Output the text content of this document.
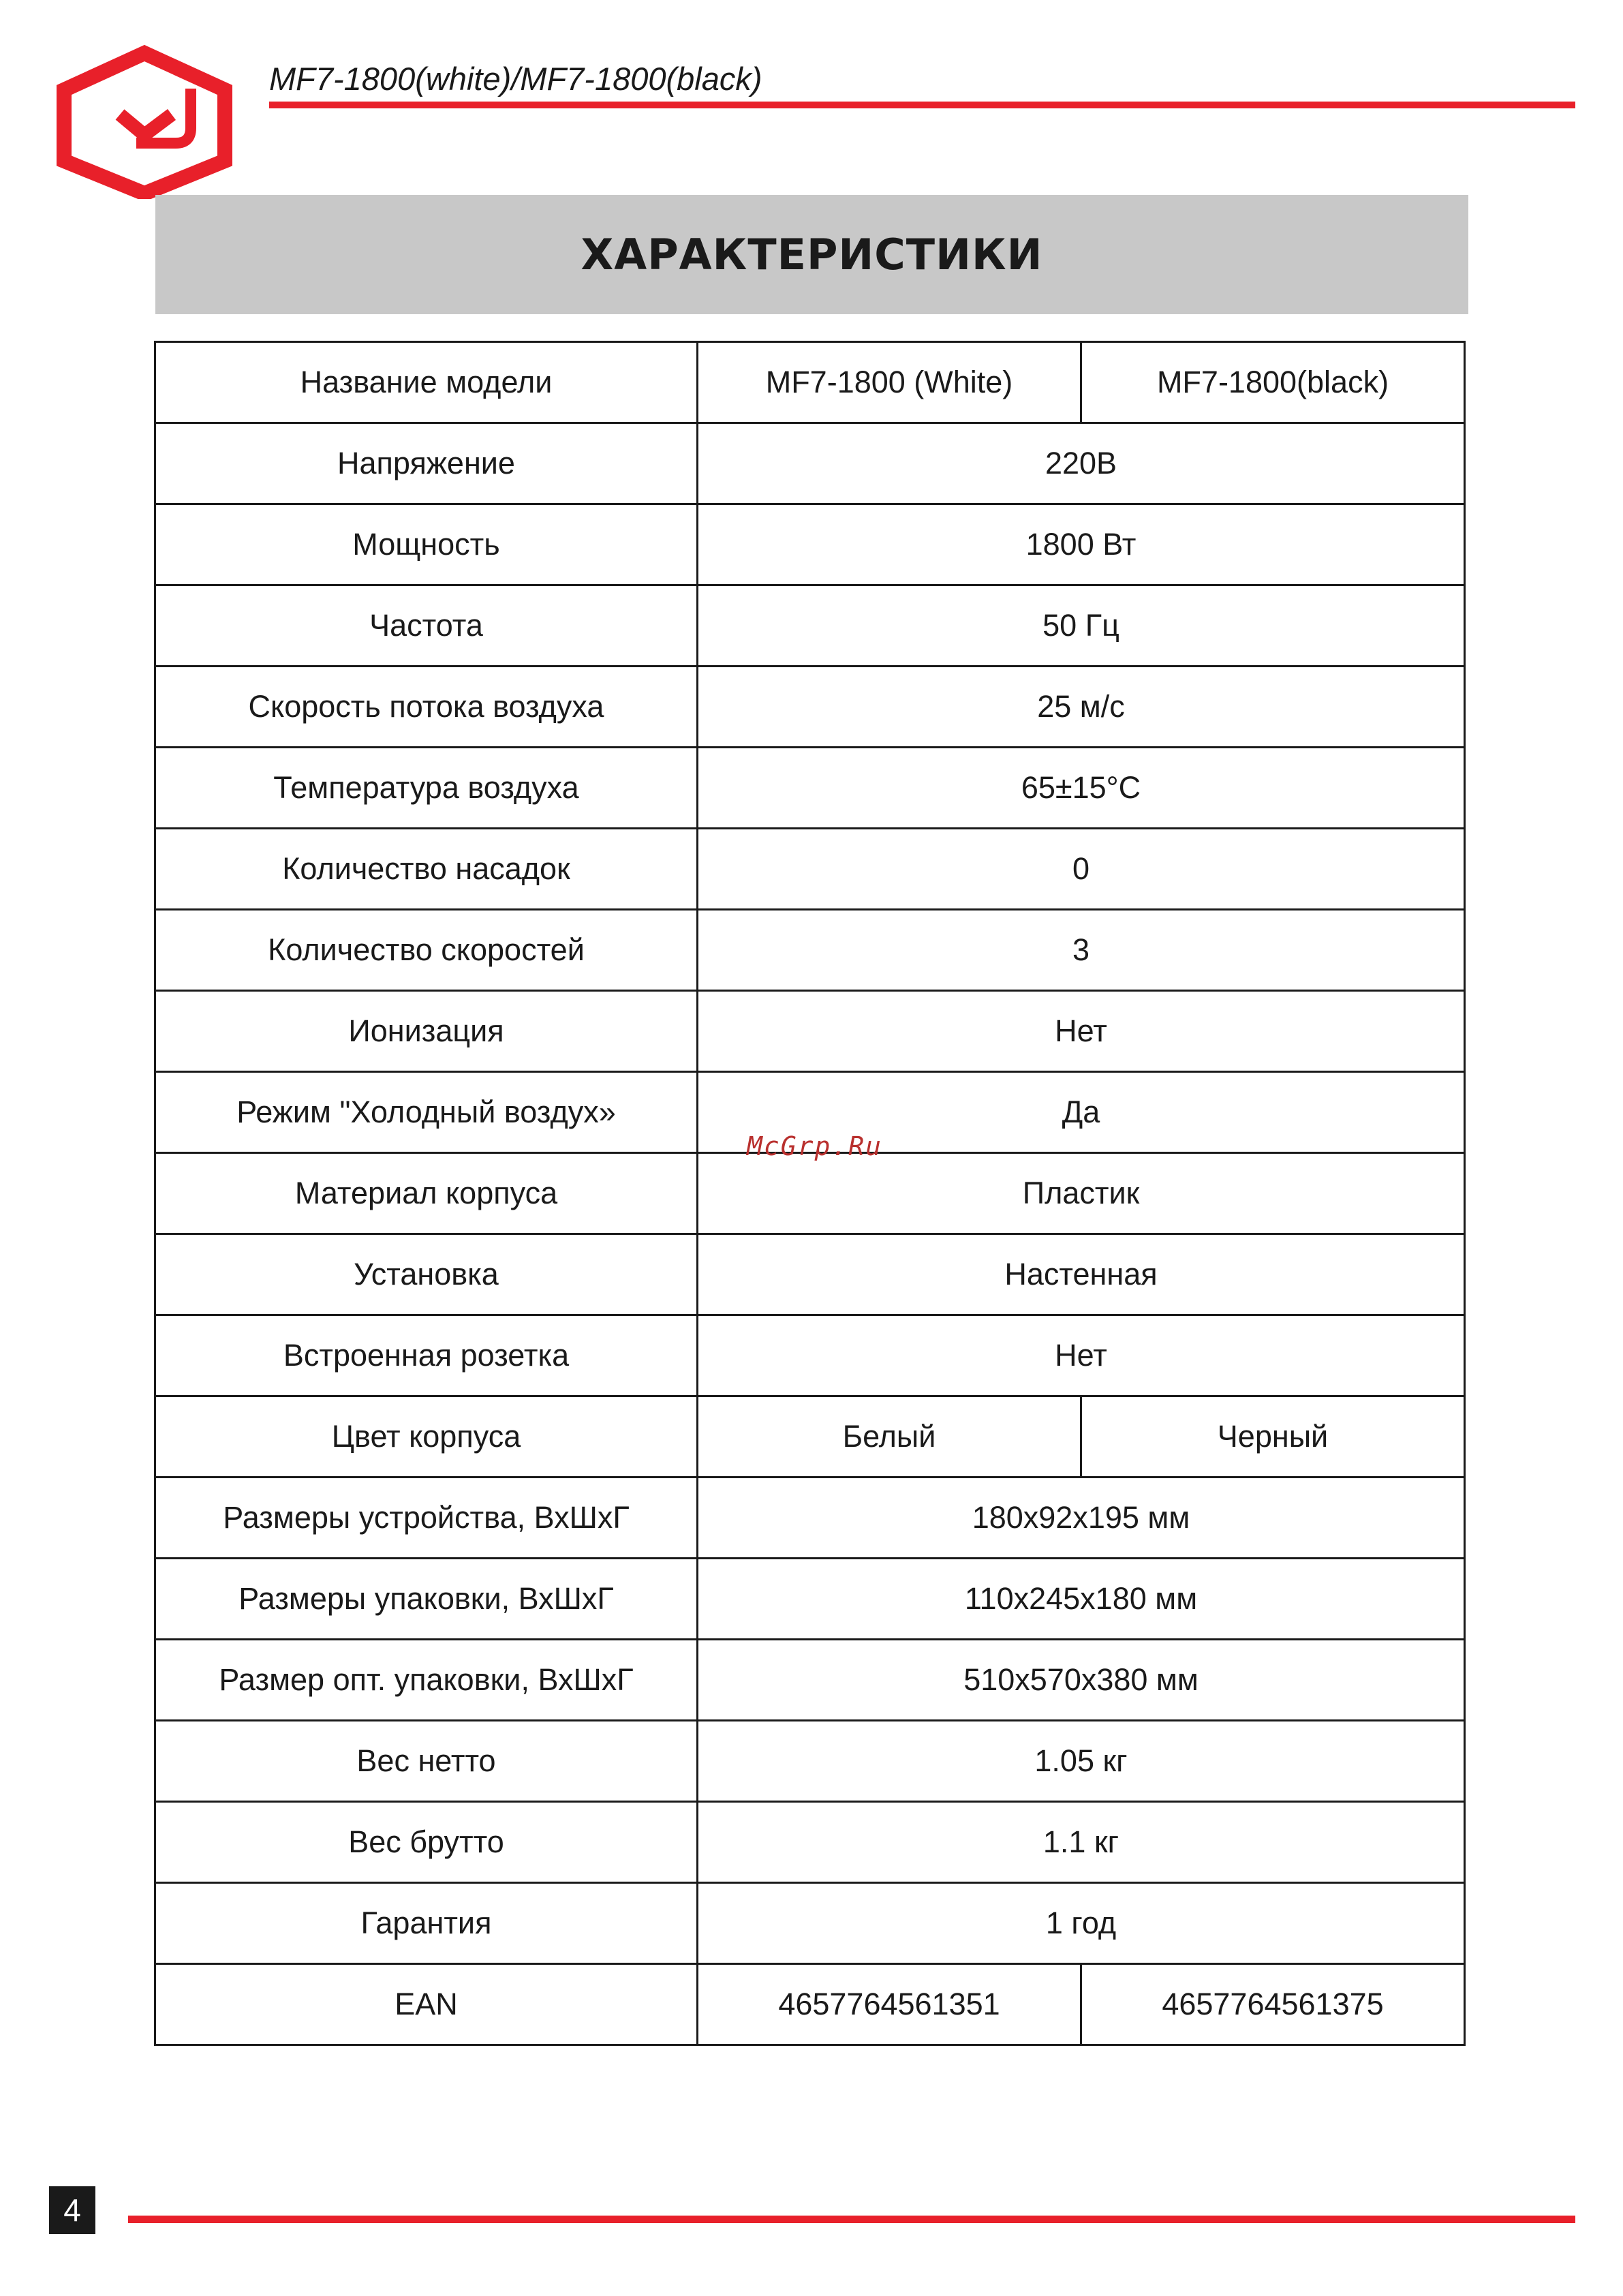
MF7-1800(white)/MF7-1800(black)
ХАРАКТЕРИСТИКИ
Название модели	MF7-1800 (White)	MF7-1800(black)
Напряжение	220В	
Мощность	1800 Вт	
Частота	50 Гц	
Скорость потока воздуха	25 м/с	
Температура воздуха	65±15°С	
Количество насадок	0	
Количество скоростей	3	
Ионизация	Нет	
Режим "Холодный воздух»	Да	
Материал корпуса	Пластик	
Установка	Настенная	
Встроенная розетка	Нет	
Цвет корпуса	Белый	Черный
Размеры устройства, ВхШхГ	180x92x195 мм	
Размеры упаковки, ВхШхГ	110x245x180 мм	
Размер опт. упаковки, ВхШхГ	510x570x380 мм	
Вес нетто	1.05 кг	
Вес брутто	1.1 кг	
Гарантия	1 год	
EAN	4657764561351	4657764561375
McGrp.Ru
4
